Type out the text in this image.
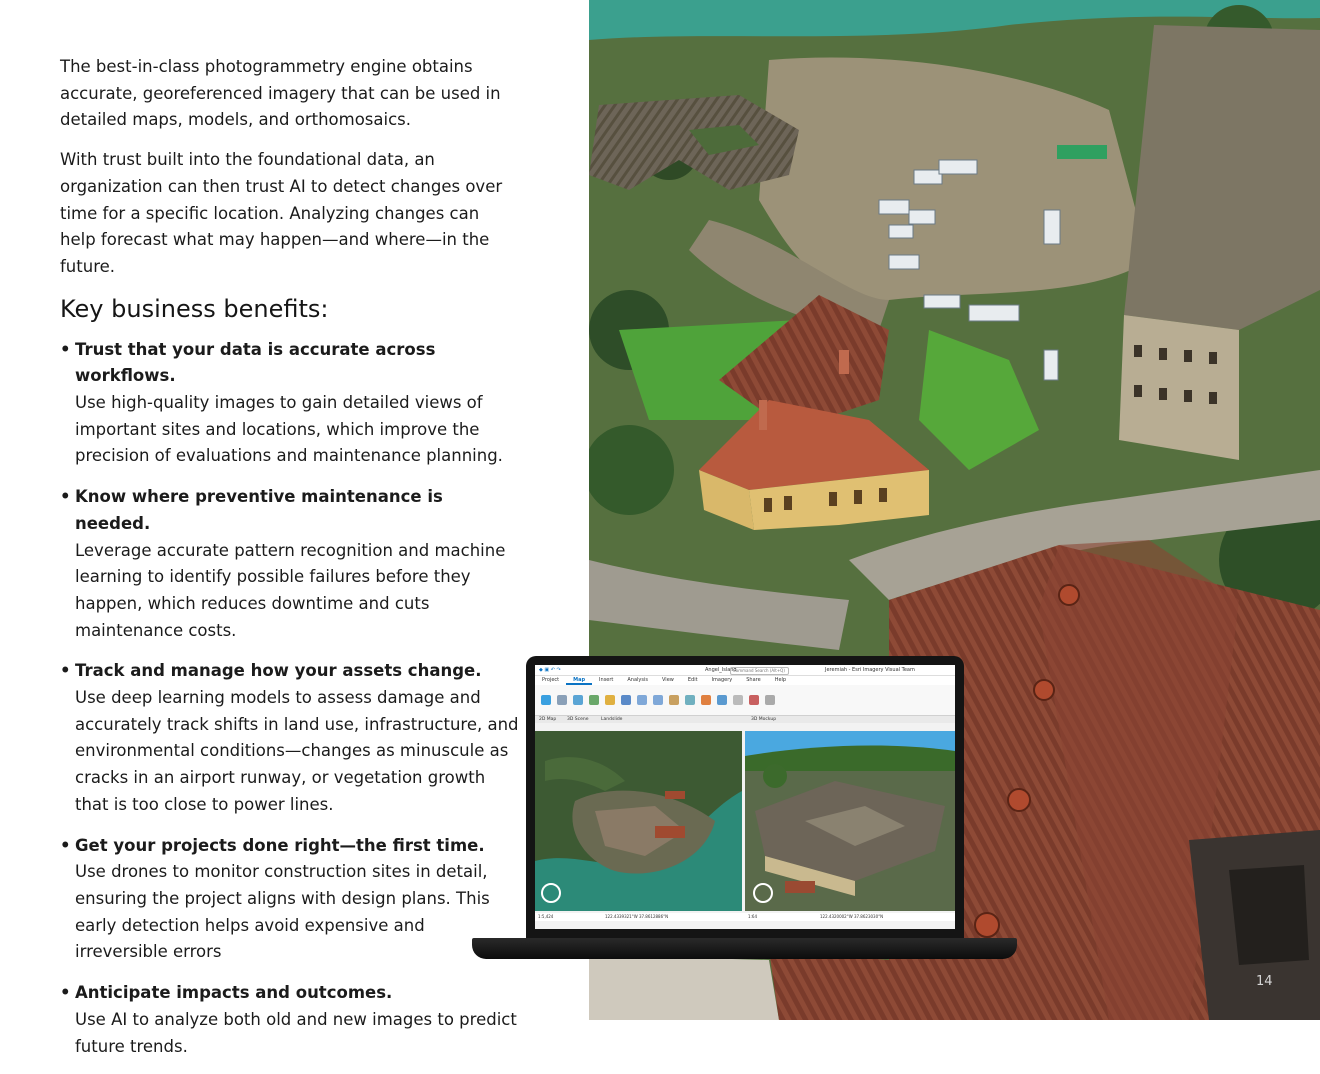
The best-in-class photogrammetry engine obtains accurate, georeferenced imagery that can be used in detailed maps, models, and orthomosaics.

With trust built into the foundational data, an organization can then trust AI to detect changes over time for a specific location. Analyzing changes can help forecast what may happen—and where—in the future.

Key business benefits:
• Trust that your data is accurate across workflows.
Use high-quality images to gain detailed views of important sites and locations, which improve the precision of evaluations and maintenance planning.
• Know where preventive maintenance is needed.
Leverage accurate pattern recognition and machine learning to identify possible failures before they happen, which reduces downtime and cuts maintenance costs.
• Track and manage how your assets change.
Use deep learning models to assess damage and accurately track shifts in land use, infrastructure, and environmental conditions—changes as minuscule as cracks in an airport runway, or vegetation growth that is too close to power lines.
• Get your projects done right—the first time.
Use drones to monitor construction sites in detail, ensuring the project aligns with design plans. This early detection helps avoid expensive and irreversible errors
• Anticipate impacts and outcomes.
Use AI to analyze both old and new images to predict future trends.
◆ ▣ ↶ ↷	Angel_Island
Command Search (Alt+Q)	Jeremiah - Esri Imagery Visual Team
Project	Map	Insert	Analysis	View	Edit	Imagery	Share	Help
2D Map 3D Scene	Landslide	3D Mockup
1:5,424	122.4339321°W 37.8612886°N	1:64	122.4320002°W 37.8623030°N
14
